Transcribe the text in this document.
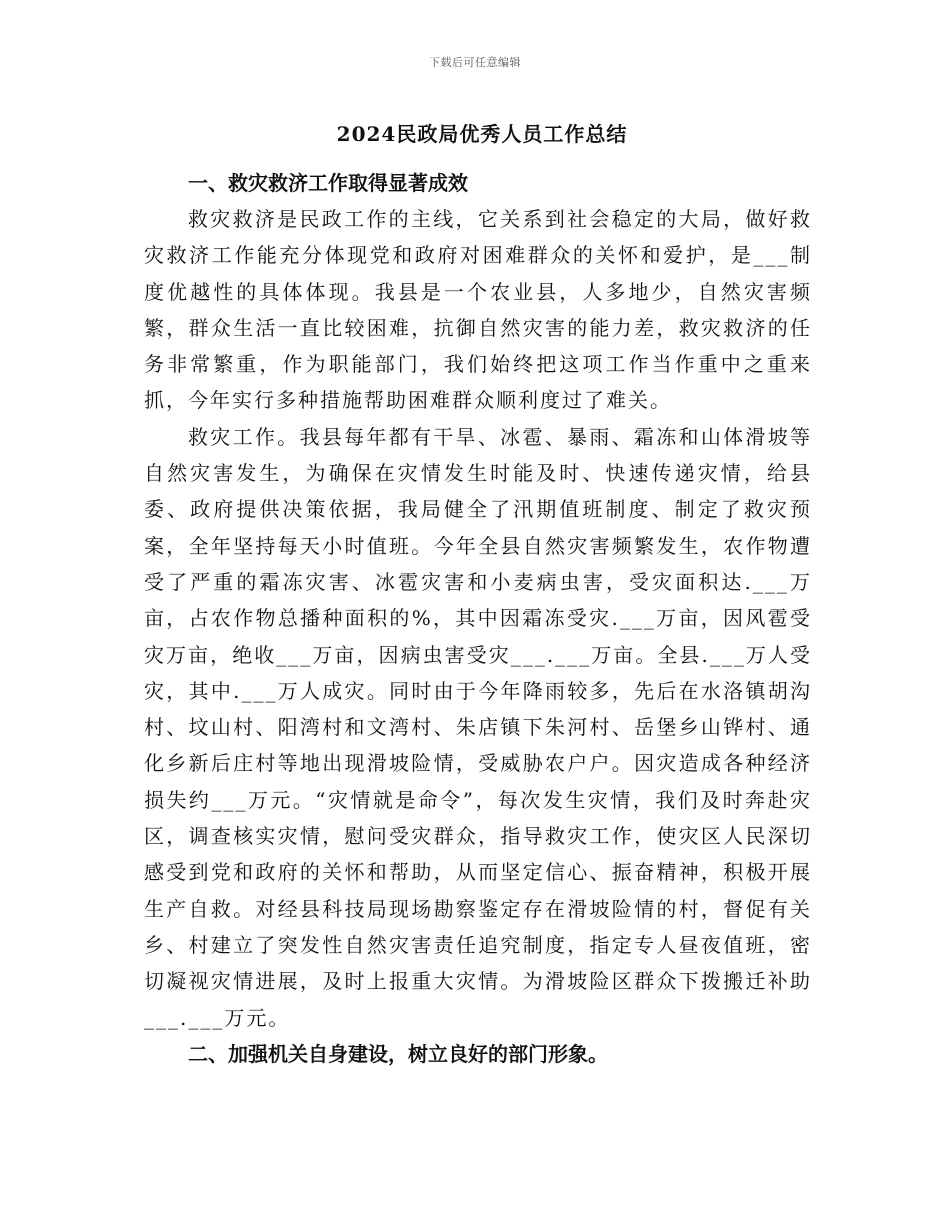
下载后可任意编辑
2024民政局优秀人员工作总结
一、救灾救济工作取得显著成效

救灾救济是民政工作的主线，它关系到社会稳定的大局，做好救灾救济工作能充分体现党和政府对困难群众的关怀和爱护，是___制度优越性的具体体现。我县是一个农业县，人多地少，自然灾害频繁，群众生活一直比较困难，抗御自然灾害的能力差，救灾救济的任务非常繁重，作为职能部门，我们始终把这项工作当作重中之重来抓，今年实行多种措施帮助困难群众顺利度过了难关。

救灾工作。我县每年都有干旱、冰雹、暴雨、霜冻和山体滑坡等自然灾害发生，为确保在灾情发生时能及时、快速传递灾情，给县委、政府提供决策依据，我局健全了汛期值班制度、制定了救灾预案，全年坚持每天小时值班。今年全县自然灾害频繁发生，农作物遭受了严重的霜冻灾害、冰雹灾害和小麦病虫害，受灾面积达.___万亩，占农作物总播种面积的%，其中因霜冻受灾.___万亩，因风雹受灾万亩，绝收___万亩，因病虫害受灾___.___万亩。全县.___万人受灾，其中.___万人成灾。同时由于今年降雨较多，先后在水洛镇胡沟村、坟山村、阳湾村和文湾村、朱店镇下朱河村、岳堡乡山铧村、通化乡新后庄村等地出现滑坡险情，受威胁农户户。因灾造成各种经济损失约___万元。“灾情就是命令”，每次发生灾情，我们及时奔赴灾区，调查核实灾情，慰问受灾群众，指导救灾工作，使灾区人民深切感受到党和政府的关怀和帮助，从而坚定信心、振奋精神，积极开展生产自救。对经县科技局现场勘察鉴定存在滑坡险情的村，督促有关乡、村建立了突发性自然灾害责任追究制度，指定专人昼夜值班，密切凝视灾情进展，及时上报重大灾情。为滑坡险区群众下拨搬迁补助___.___万元。

二、加强机关自身建设，树立良好的部门形象。
